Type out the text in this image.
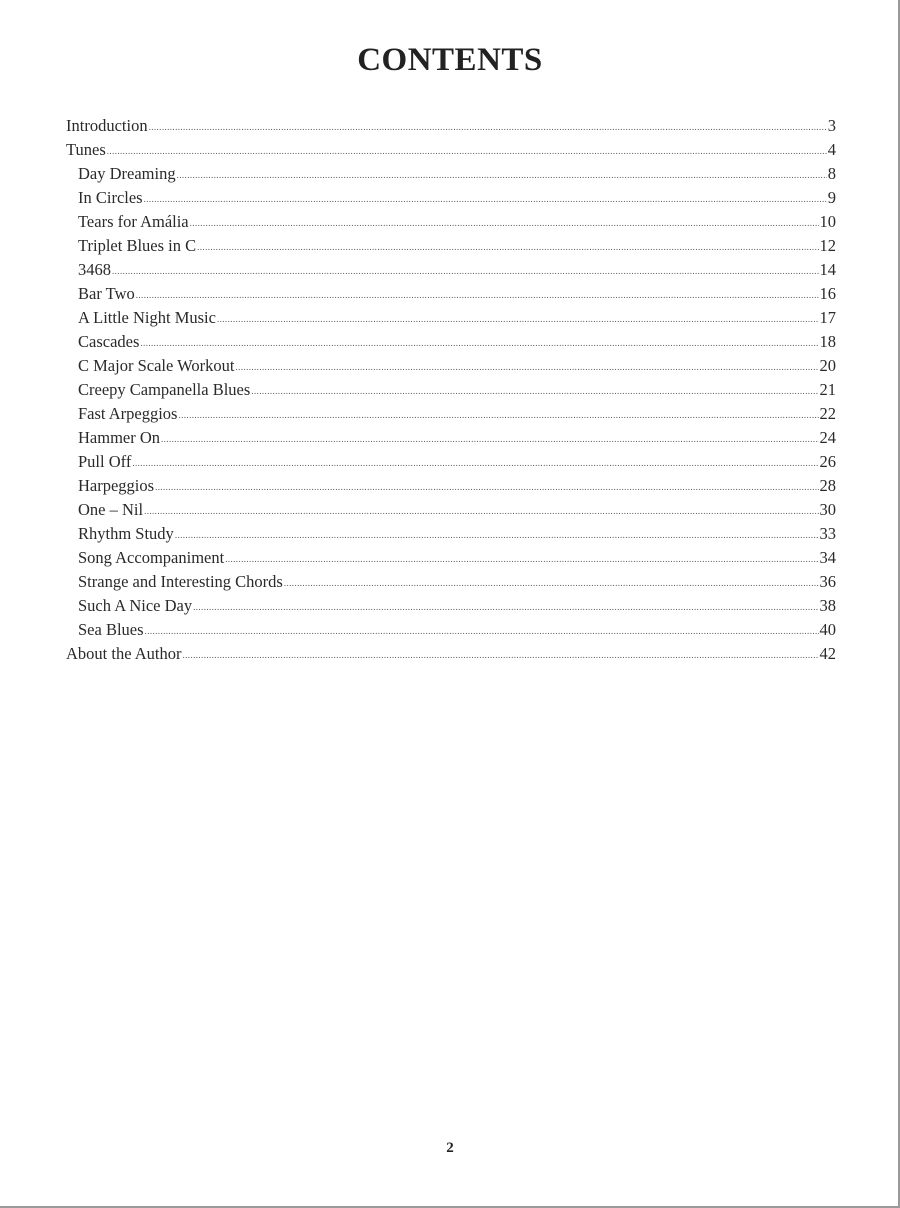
CONTENTS
Introduction .....	3
Tunes .....	4
Day Dreaming .....	8
In Circles .....	9
Tears for Amália .....	10
Triplet Blues in C .....	12
3468 .....	14
Bar Two .....	16
A Little Night Music .....	17
Cascades .....	18
C Major Scale Workout .....	20
Creepy Campanella Blues .....	21
Fast Arpeggios .....	22
Hammer On .....	24
Pull Off .....	26
Harpeggios .....	28
One – Nil .....	30
Rhythm Study .....	33
Song Accompaniment .....	34
Strange and Interesting Chords .....	36
Such A Nice Day .....	38
Sea Blues .....	40
About the Author .....	42
2
